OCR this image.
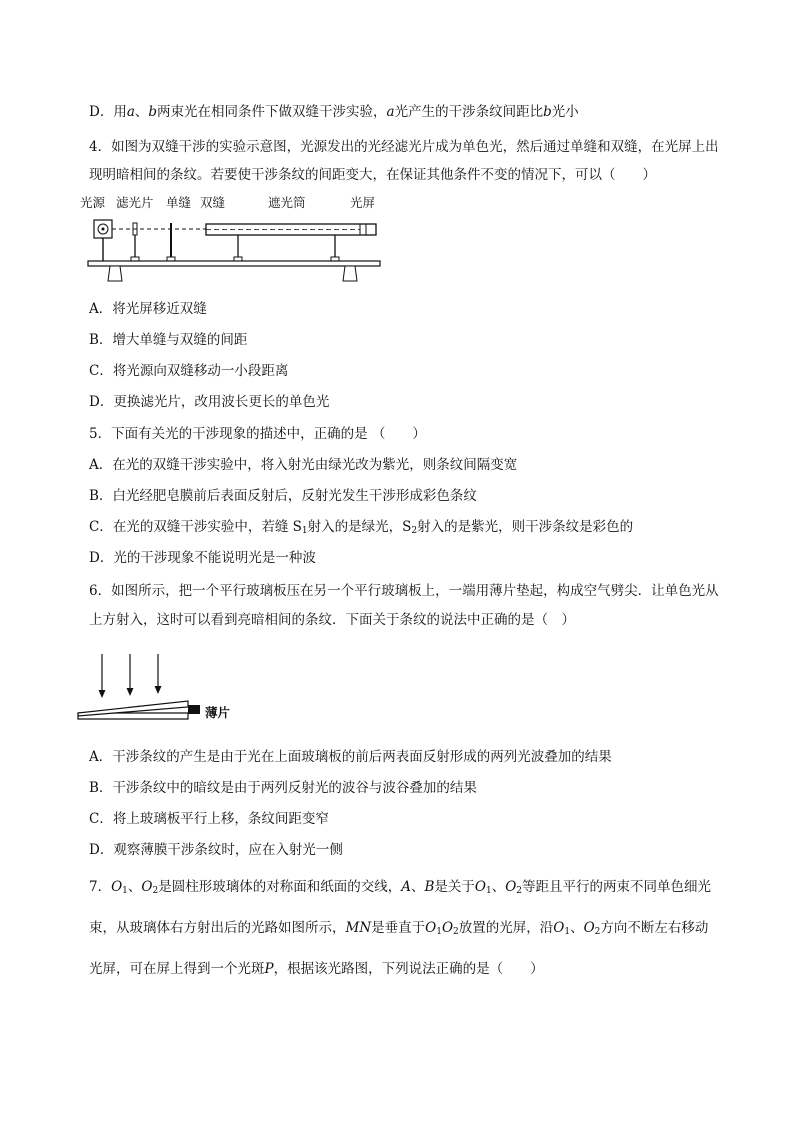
D．用a、b两束光在相同条件下做双缝干涉实验，a光产生的干涉条纹间距比b光小
4．如图为双缝干涉的实验示意图，光源发出的光经滤光片成为单色光，然后通过单缝和双缝，在光屏上出
现明暗相间的条纹。若要使干涉条纹的间距变大，在保证其他条件不变的情况下，可以（　　）
光源 滤光片 单缝 双缝	遮光筒	光屏
A．将光屏移近双缝
B．增大单缝与双缝的间距
C．将光源向双缝移动一小段距离
D．更换滤光片，改用波长更长的单色光
5．下面有关光的干涉现象的描述中，正确的是 （　　）
A．在光的双缝干涉实验中，将入射光由绿光改为紫光，则条纹间隔变宽
B．白光经肥皂膜前后表面反射后，反射光发生干涉形成彩色条纹
C．在光的双缝干涉实验中，若缝 $S_1$射入的是绿光，$S_2$射入的是紫光，则干涉条纹是彩色的
D．光的干涉现象不能说明光是一种波
6．如图所示，把一个平行玻璃板压在另一个平行玻璃板上，一端用薄片垫起，构成空气劈尖．让单色光从
上方射入，这时可以看到亮暗相间的条纹．下面关于条纹的说法中正确的是（　）
薄片
A．干涉条纹的产生是由于光在上面玻璃板的前后两表面反射形成的两列光波叠加的结果
B．干涉条纹中的暗纹是由于两列反射光的波谷与波谷叠加的结果
C．将上玻璃板平行上移，条纹间距变窄
D．观察薄膜干涉条纹时，应在入射光一侧
7．$O_1$、$O_2$是圆柱形玻璃体的对称面和纸面的交线，A、B是关于$O_1$、$O_2$等距且平行的两束不同单色细光
束，从玻璃体右方射出后的光路如图所示，MN是垂直于$O_1O_2$放置的光屏，沿$O_1$、$O_2$方向不断左右移动
光屏，可在屏上得到一个光斑P，根据该光路图，下列说法正确的是（　　）
